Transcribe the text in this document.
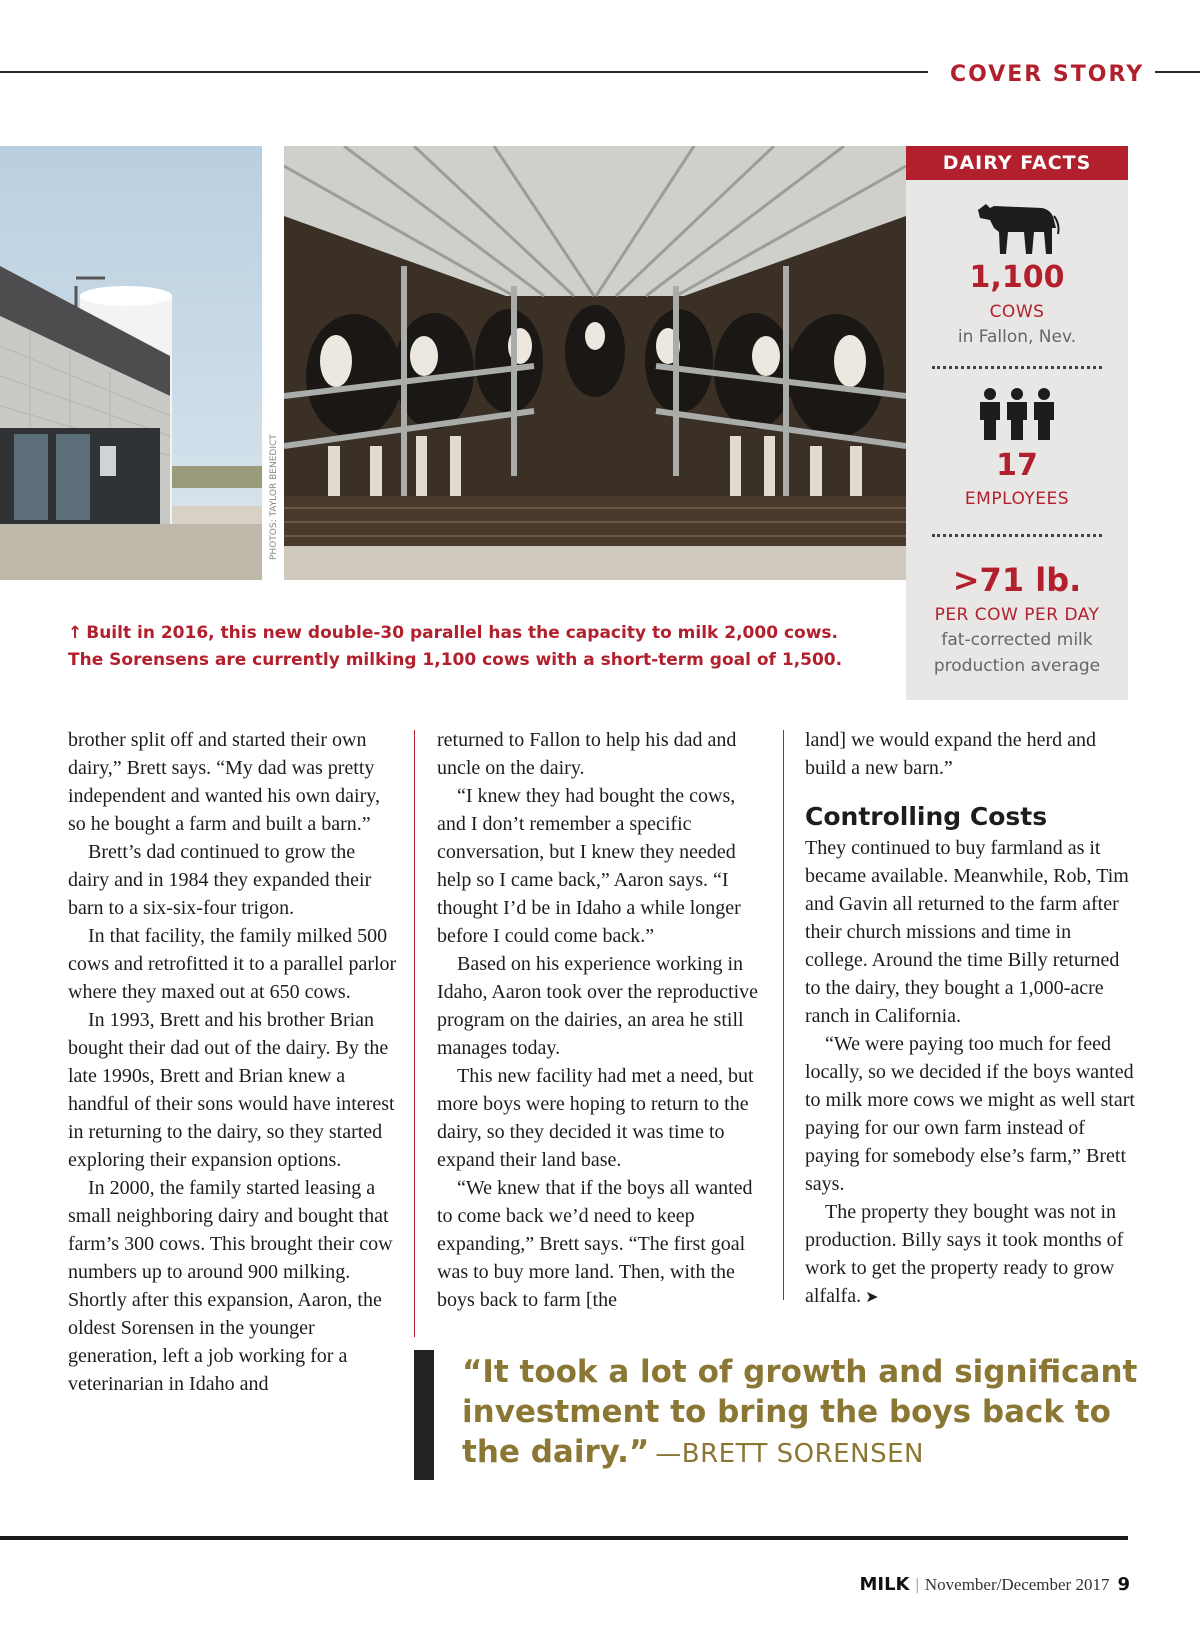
COVER STORY
PHOTOS: TAYLOR BENEDICT
DAIRY FACTS
1,100
COWS
in Fallon, Nev.
17
EMPLOYEES
>71 lb.
PER COW PER DAY
fat-corrected milk
production average
↑ Built in 2016, this new double-30 parallel has the capacity to milk 2,000 cows. The Sorensens are currently milking 1,100 cows with a short-term goal of 1,500.

brother split off and started their own dairy,” Brett says. “My dad was pretty independent and wanted his own dairy, so he bought a farm and built a barn.”

Brett’s dad continued to grow the dairy and in 1984 they expanded their barn to a six-six-four trigon.

In that facility, the family milked 500 cows and retrofitted it to a parallel parlor where they maxed out at 650 cows.

In 1993, Brett and his brother Brian bought their dad out of the dairy. By the late 1990s, Brett and Brian knew a handful of their sons would have interest in returning to the dairy, so they started exploring their expansion options.

In 2000, the family started leasing a small neighboring dairy and bought that farm’s 300 cows. This brought their cow numbers up to around 900 milking. Shortly after this expansion, Aaron, the oldest Sorensen in the younger generation, left a job working for a veterinarian in Idaho and

returned to Fallon to help his dad and uncle on the dairy.

“I knew they had bought the cows, and I don’t remember a specific conversation, but I knew they needed help so I came back,” Aaron says. “I thought I’d be in Idaho a while longer before I could come back.”

Based on his experience working in Idaho, Aaron took over the reproductive program on the dairies, an area he still manages today.

This new facility had met a need, but more boys were hoping to return to the dairy, so they decided it was time to expand their land base.

“We knew that if the boys all wanted to come back we’d need to keep expanding,” Brett says. “The first goal was to buy more land. Then, with the boys back to farm [the

land] we would expand the herd and build a new barn.”

Controlling Costs

They continued to buy farmland as it became available. Meanwhile, Rob, Tim and Gavin all returned to the farm after their church missions and time in college. Around the time Billy returned to the dairy, they bought a 1,000-acre ranch in California.

“We were paying too much for feed locally, so we decided if the boys wanted to milk more cows we might as well start paying for our own farm instead of paying for somebody else’s farm,” Brett says.

The property they bought was not in production. Billy says it took months of work to get the property ready to grow alfalfa. ➤

“It took a lot of growth and significant investment to bring the boys back to the dairy.” —BRETT SORENSEN
MILK | November/December 2017 9
